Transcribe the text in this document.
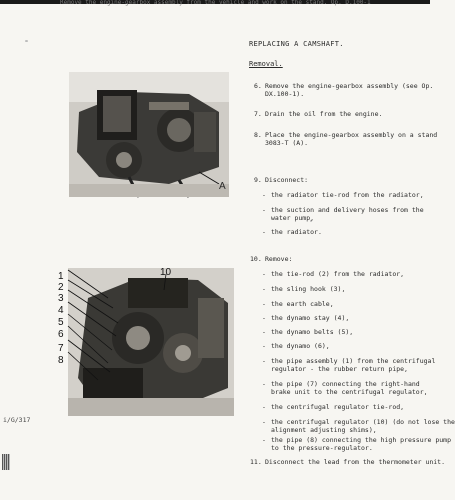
Remove the engine-gearbox assembly from the vehicle and work on the stand. Op. D.100-1
A
1
2
3
4
5
6
7
8
10
i/G/317
REPLACING A CAMSHAFT.
Removal.
6. Remove the engine-gearbox assembly (see Op.
DX.100-1).
7. Drain the oil from the engine.
8. Place the engine-gearbox assembly on a stand
3083-T (A).
9. Disconnect:
- the radiator tie-rod from the radiator,
- the suction and delivery hoses from the
water pump,
- the radiator.
10. Remove:
- the tie-rod (2) from the radiator,
- the sling hook (3),
- the earth cable,
- the dynamo stay (4),
- the dynamo belts (5),
- the dynamo (6),
- the pipe assembly (1) from the centrifugal
regulator - the rubber return pipe,
- the pipe (7) connecting the right-hand
brake unit to the centrifugal regulator,
- the centrifugal regulator tie-rod,
- the centrifugal regulator (10) (do not lose the
alignment adjusting shims),
- the pipe (8) connecting the high pressure pump
to the pressure-regulator.
11. Disconnect the lead from the thermometer unit.
